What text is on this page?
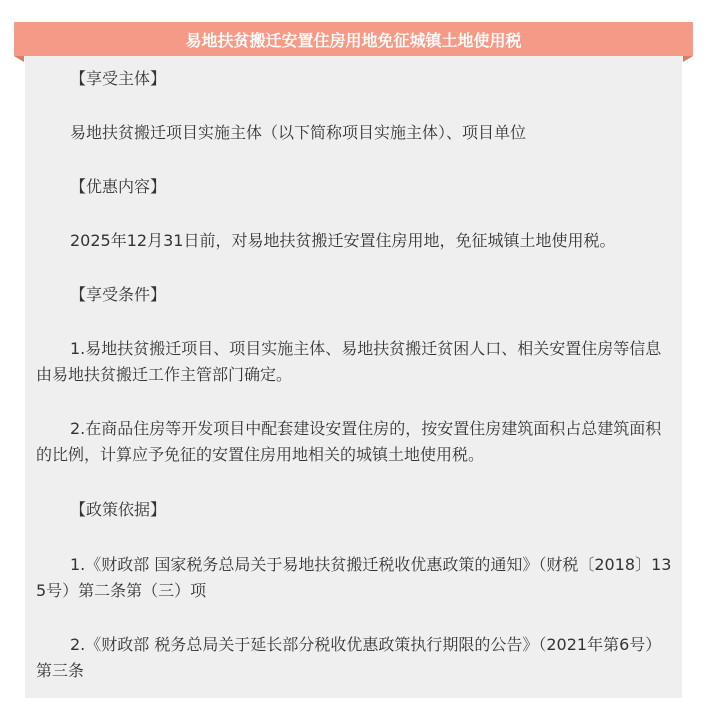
易地扶贫搬迁安置住房用地免征城镇土地使用税

【享受主体】

易地扶贫搬迁项目实施主体（以下简称项目实施主体）、项目单位

【优惠内容】

2025年12月31日前，对易地扶贫搬迁安置住房用地，免征城镇土地使用税。

【享受条件】

1.易地扶贫搬迁项目、项目实施主体、易地扶贫搬迁贫困人口、相关安置住房等信息由易地扶贫搬迁工作主管部门确定。

2.在商品住房等开发项目中配套建设安置住房的，按安置住房建筑面积占总建筑面积的比例，计算应予免征的安置住房用地相关的城镇土地使用税。

【政策依据】

1.《财政部 国家税务总局关于易地扶贫搬迁税收优惠政策的通知》（财税〔2018〕135号）第二条第（三）项

2.《财政部 税务总局关于延长部分税收优惠政策执行期限的公告》（2021年第6号）第三条
